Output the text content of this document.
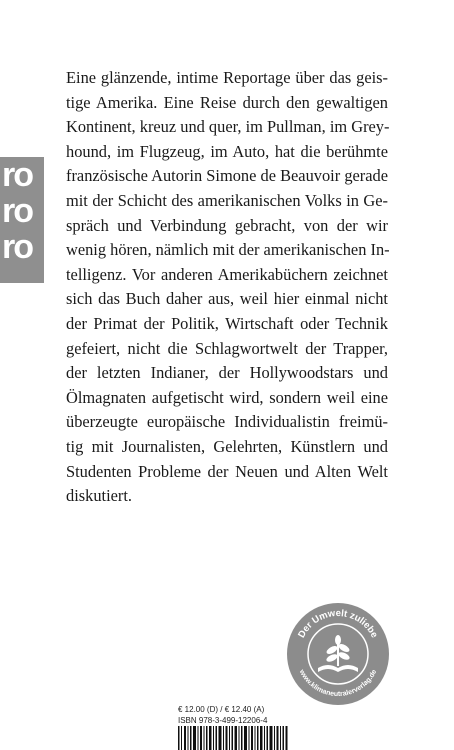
ro
ro
ro

Eine glänzende, intime Reportage über das geis-
tige Amerika. Eine Reise durch den gewaltigen
Kontinent, kreuz und quer, im Pullman, im Grey-
hound, im Flugzeug, im Auto, hat die berühmte
französische Autorin Simone de Beauvoir gerade
mit der Schicht des amerikanischen Volks in Ge-
spräch und Verbindung gebracht, von der wir
wenig hören, nämlich mit der amerikanischen In-
telligenz. Vor anderen Amerikabüchern zeichnet
sich das Buch daher aus, weil hier einmal nicht
der Primat der Politik, Wirtschaft oder Technik
gefeiert, nicht die Schlagwortwelt der Trapper,
der letzten Indianer, der Hollywoodstars und
Ölmagnaten aufgetischt wird, sondern weil eine
überzeugte europäische Individualistin freimü-
tig mit Journalisten, Gelehrten, Künstlern und
Studenten Probleme der Neuen und Alten Welt
diskutiert.

Der Umwelt zuliebe
www.klimaneutralerverlag.de
€ 12.00 (D) / € 12.40 (A)
ISBN 978-3-499-12206-4
